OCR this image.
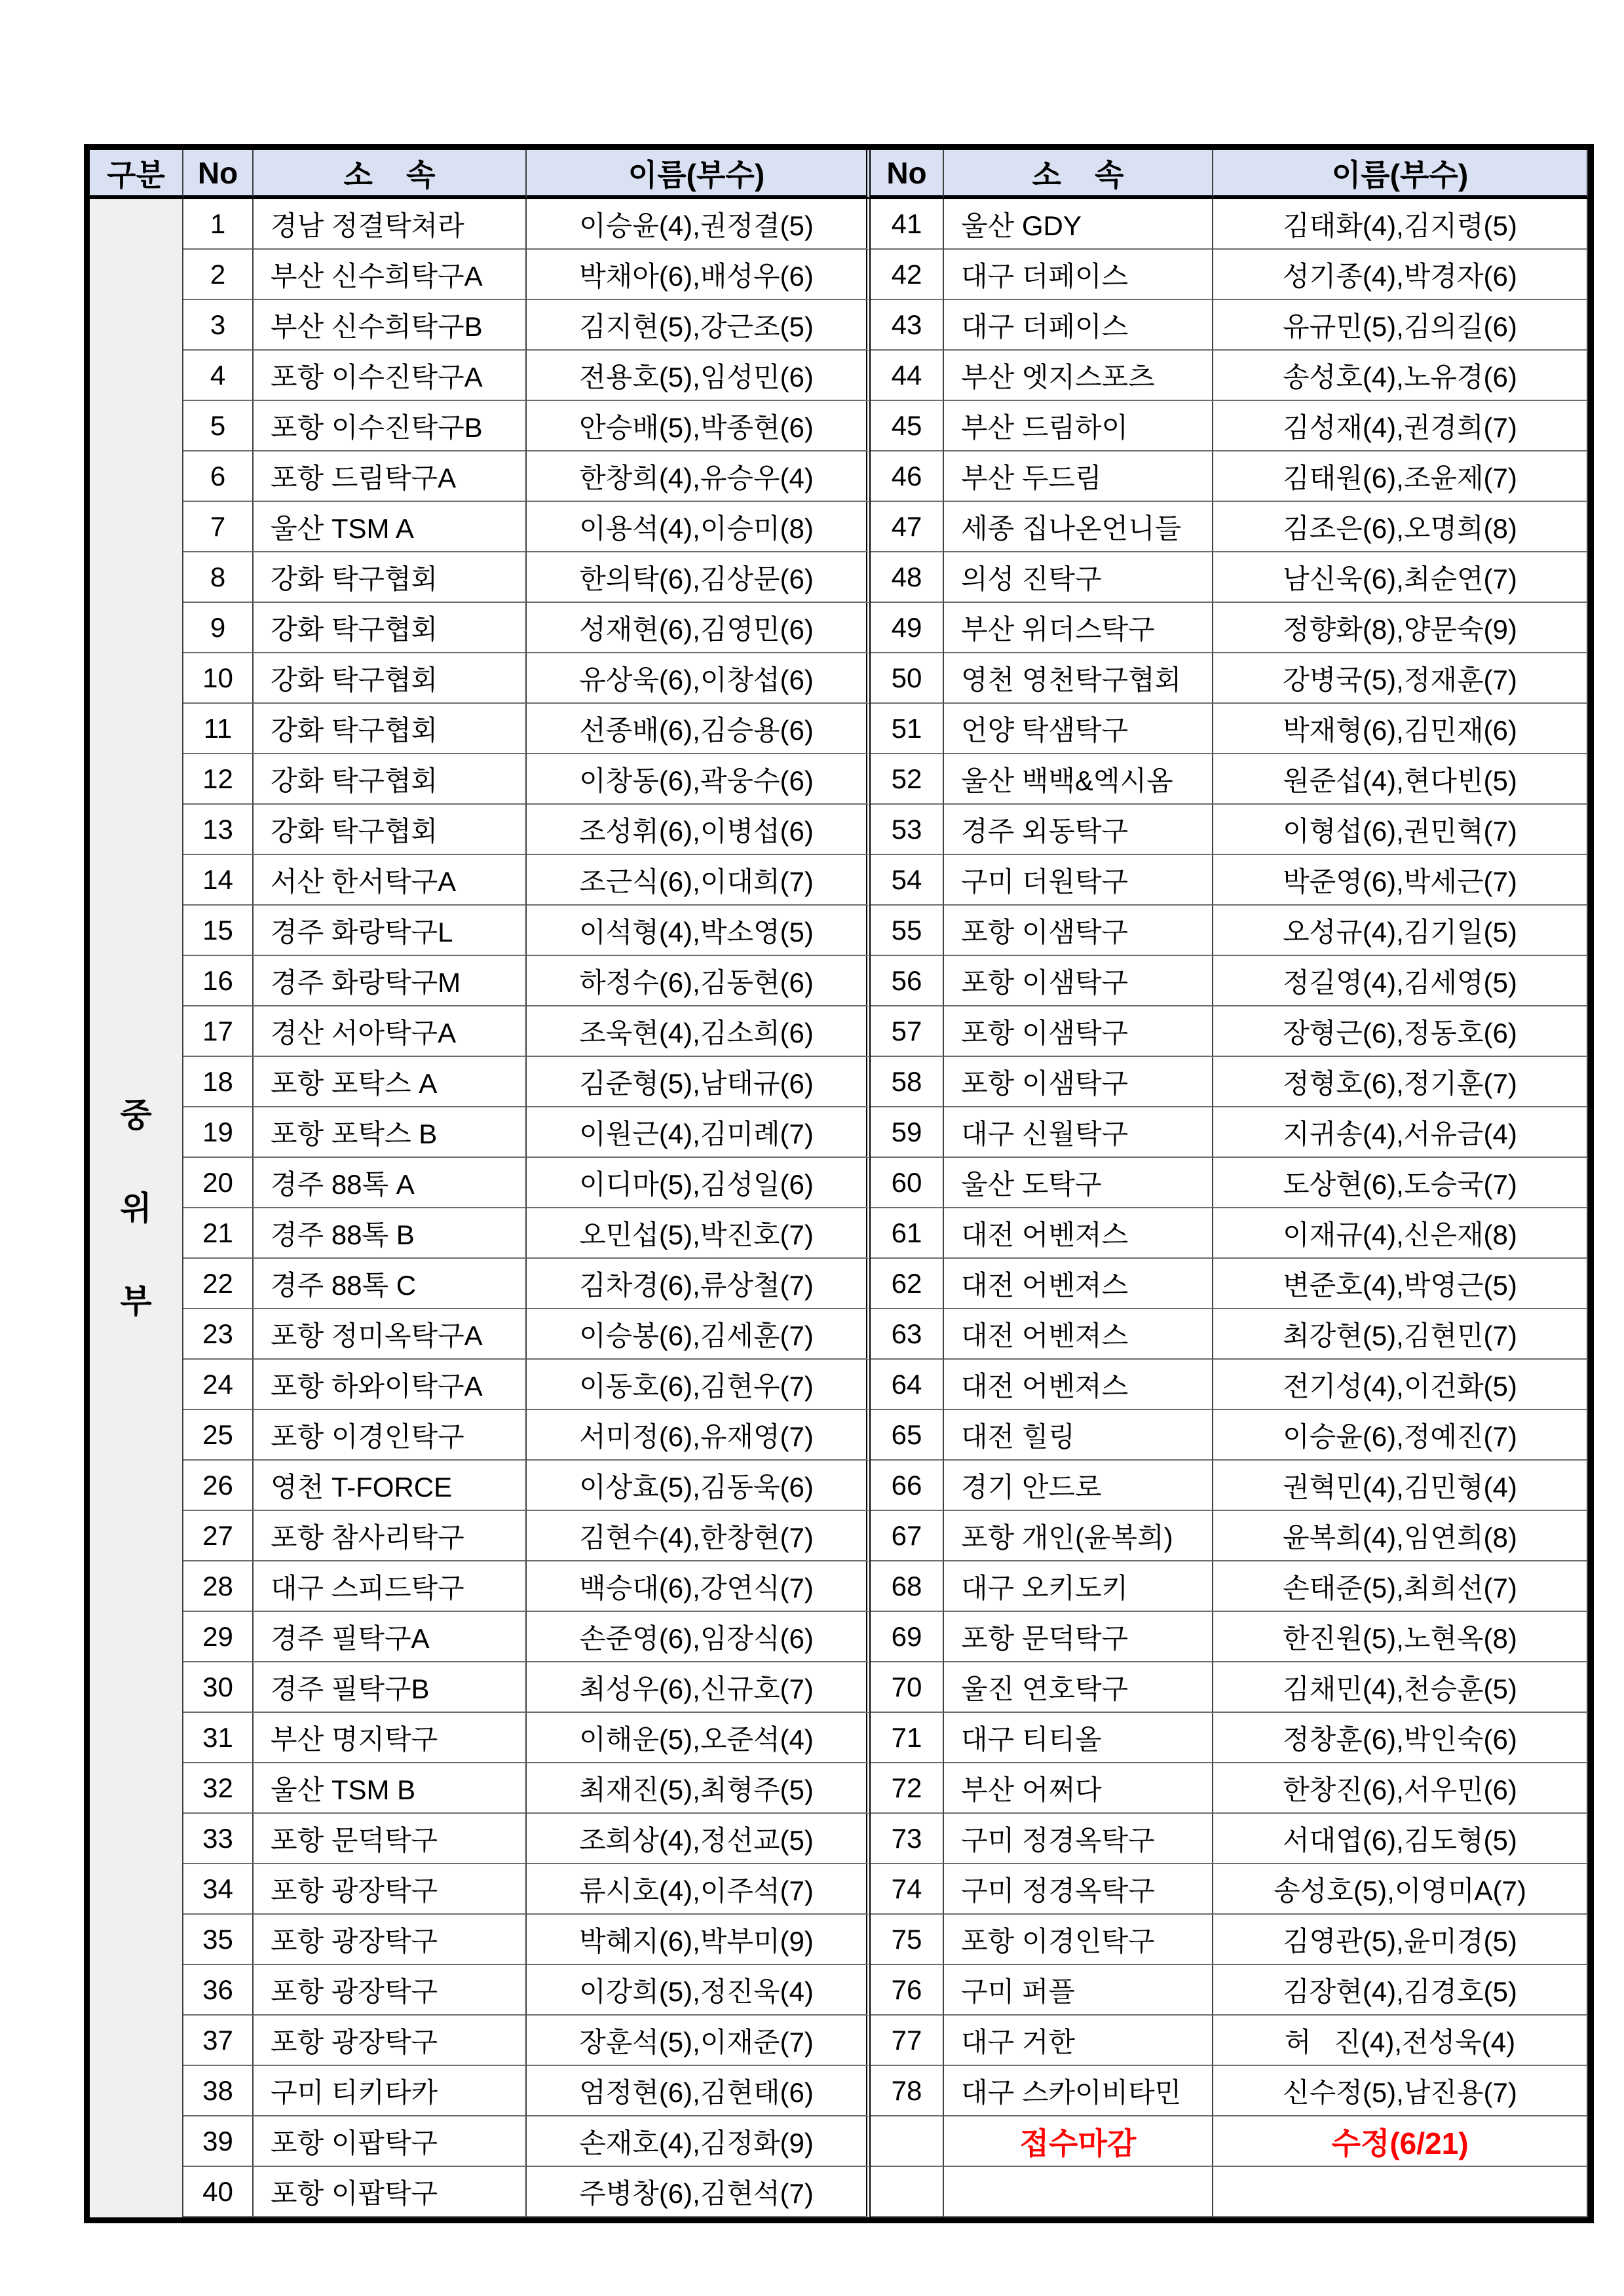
구분	No	소    속	이름(부수)	No	소    속	이름(부수)
중
위
부
1	경남 정결탁쳐라	이승윤(4),권정결(5)
2	부산 신수희탁구A	박채아(6),배성우(6)
3	부산 신수희탁구B	김지현(5),강근조(5)
4	포항 이수진탁구A	전용호(5),임성민(6)
5	포항 이수진탁구B	안승배(5),박종현(6)
6	포항 드림탁구A	한창희(4),유승우(4)
7	울산 TSM A	이용석(4),이승미(8)
8	강화 탁구협회	한의탁(6),김상문(6)
9	강화 탁구협회	성재현(6),김영민(6)
10	강화 탁구협회	유상욱(6),이창섭(6)
11	강화 탁구협회	선종배(6),김승용(6)
12	강화 탁구협회	이창동(6),곽웅수(6)
13	강화 탁구협회	조성휘(6),이병섭(6)
14	서산 한서탁구A	조근식(6),이대희(7)
15	경주 화랑탁구L	이석형(4),박소영(5)
16	경주 화랑탁구M	하정수(6),김동현(6)
17	경산 서아탁구A	조욱현(4),김소희(6)
18	포항 포탁스 A	김준형(5),남태규(6)
19	포항 포탁스 B	이원근(4),김미례(7)
20	경주 88톡 A	이디마(5),김성일(6)
21	경주 88톡 B	오민섭(5),박진호(7)
22	경주 88톡 C	김차경(6),류상철(7)
23	포항 정미옥탁구A	이승봉(6),김세훈(7)
24	포항 하와이탁구A	이동호(6),김현우(7)
25	포항 이경인탁구	서미정(6),유재영(7)
26	영천 T-FORCE	이상효(5),김동욱(6)
27	포항 참사리탁구	김현수(4),한창현(7)
28	대구 스피드탁구	백승대(6),강연식(7)
29	경주 필탁구A	손준영(6),임장식(6)
30	경주 필탁구B	최성우(6),신규호(7)
31	부산 명지탁구	이해운(5),오준석(4)
32	울산 TSM B	최재진(5),최형주(5)
33	포항 문덕탁구	조희상(4),정선교(5)
34	포항 광장탁구	류시호(4),이주석(7)
35	포항 광장탁구	박혜지(6),박부미(9)
36	포항 광장탁구	이강희(5),정진욱(4)
37	포항 광장탁구	장훈석(5),이재준(7)
38	구미 티키타카	엄정현(6),김현태(6)
39	포항 이팝탁구	손재호(4),김정화(9)
40	포항 이팝탁구	주병창(6),김현석(7)
41	울산 GDY	김태화(4),김지령(5)
42	대구 더페이스	성기종(4),박경자(6)
43	대구 더페이스	유규민(5),김의길(6)
44	부산 엣지스포츠	송성호(4),노유경(6)
45	부산 드림하이	김성재(4),권경희(7)
46	부산 두드림	김태원(6),조윤제(7)
47	세종 집나온언니들	김조은(6),오명희(8)
48	의성 진탁구	남신욱(6),최순연(7)
49	부산 위더스탁구	정향화(8),양문숙(9)
50	영천 영천탁구협회	강병국(5),정재훈(7)
51	언양 탁샘탁구	박재형(6),김민재(6)
52	울산 백백&엑시옴	원준섭(4),현다빈(5)
53	경주 외동탁구	이형섭(6),권민혁(7)
54	구미 더원탁구	박준영(6),박세근(7)
55	포항 이샘탁구	오성규(4),김기일(5)
56	포항 이샘탁구	정길영(4),김세영(5)
57	포항 이샘탁구	장형근(6),정동호(6)
58	포항 이샘탁구	정형호(6),정기훈(7)
59	대구 신월탁구	지귀송(4),서유금(4)
60	울산 도탁구	도상현(6),도승국(7)
61	대전 어벤져스	이재규(4),신은재(8)
62	대전 어벤져스	변준호(4),박영근(5)
63	대전 어벤져스	최강현(5),김현민(7)
64	대전 어벤져스	전기성(4),이건화(5)
65	대전 힐링	이승윤(6),정예진(7)
66	경기 안드로	권혁민(4),김민형(4)
67	포항 개인(윤복희)	윤복희(4),임연희(8)
68	대구 오키도키	손태준(5),최희선(7)
69	포항 문덕탁구	한진원(5),노현옥(8)
70	울진 연호탁구	김채민(4),천승훈(5)
71	대구 티티올	정창훈(6),박인숙(6)
72	부산 어쩌다	한창진(6),서우민(6)
73	구미 정경옥탁구	서대엽(6),김도형(5)
74	구미 정경옥탁구	송성호(5),이영미A(7)
75	포항 이경인탁구	김영관(5),윤미경(5)
76	구미 퍼플	김장현(4),김경호(5)
77	대구 거한	허   진(4),전성욱(4)
78	대구 스카이비타민	신수정(5),남진용(7)
접수마감	수정(6/21)
